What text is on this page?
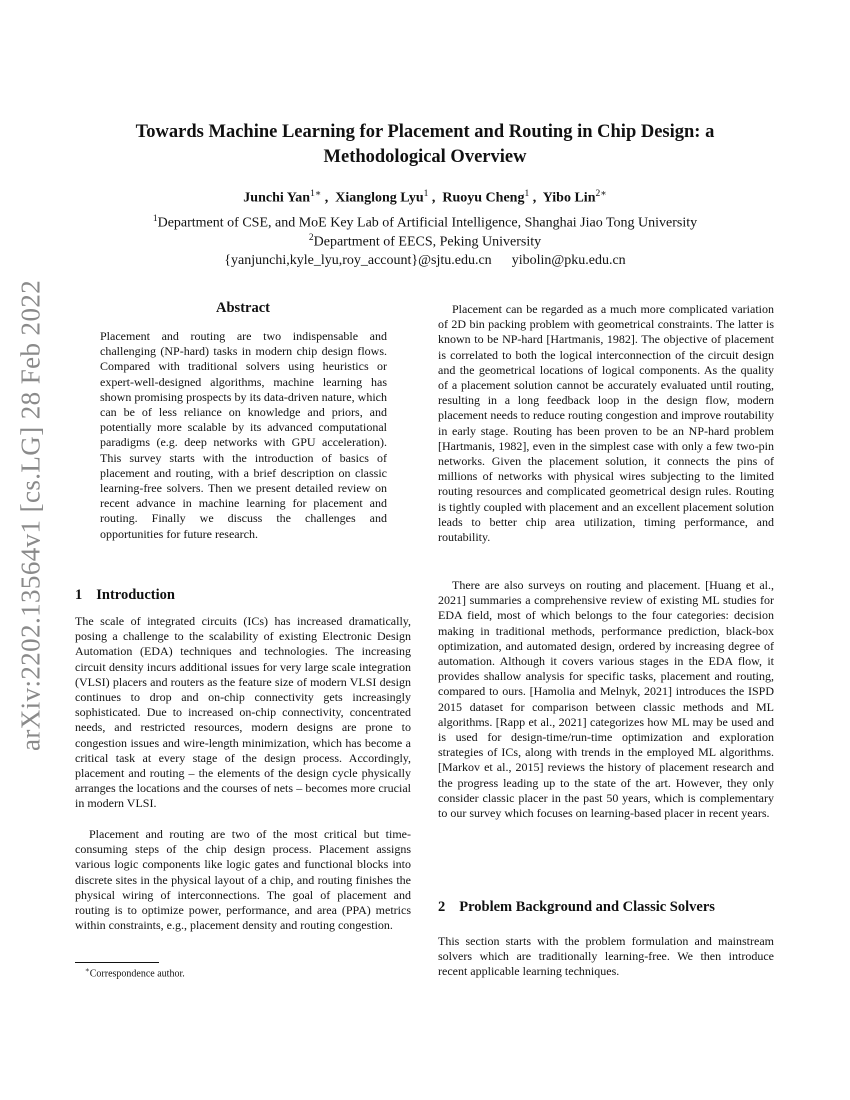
arXiv:2202.13564v1 [cs.LG] 28 Feb 2022
Towards Machine Learning for Placement and Routing in Chip Design: a Methodological Overview
Junchi Yan$^{1∗}$ ,  Xianglong Lyu$^1$ ,  Ruoyu Cheng$^1$ ,  Yibo Lin$^{2∗}$
$^1$Department of CSE, and MoE Key Lab of Artificial Intelligence, Shanghai Jiao Tong University
$^2$Department of EECS, Peking University
{yanjunchi,kyle_lyu,roy_account}@sjtu.edu.cn yibolin@pku.edu.cn
Abstract

Placement and routing are two indispensable and challenging (NP-hard) tasks in modern chip design flows. Compared with traditional solvers using heuristics or expert-well-designed algorithms, machine learning has shown promising prospects by its data-driven nature, which can be of less reliance on knowledge and priors, and potentially more scalable by its advanced computational paradigms (e.g. deep networks with GPU acceleration). This survey starts with the introduction of basics of placement and routing, with a brief description on classic learning-free solvers. Then we present detailed review on recent advance in machine learning for placement and routing. Finally we discuss the challenges and opportunities for future research.

1 Introduction

The scale of integrated circuits (ICs) has increased dramatically, posing a challenge to the scalability of existing Electronic Design Automation (EDA) techniques and technologies. The increasing circuit density incurs additional issues for very large scale integration (VLSI) placers and routers as the feature size of modern VLSI design continues to drop and on-chip connectivity gets increasingly sophisticated. Due to increased on-chip connectivity, concentrated needs, and restricted resources, modern designs are prone to congestion issues and wire-length minimization, which has become a critical task at every stage of the design process. Accordingly, placement and routing – the elements of the design cycle physically arranges the locations and the courses of nets – becomes more crucial in modern VLSI.

Placement and routing are two of the most critical but time-consuming steps of the chip design process. Placement assigns various logic components like logic gates and functional blocks into discrete sites in the physical layout of a chip, and routing finishes the physical wiring of interconnections. The goal of placement and routing is to optimize power, performance, and area (PPA) metrics within constraints, e.g., placement density and routing congestion.

∗Correspondence author.

Placement can be regarded as a much more complicated variation of 2D bin packing problem with geometrical constraints. The latter is known to be NP-hard [Hartmanis, 1982]. The objective of placement is correlated to both the logical interconnection of the circuit design and the geometrical locations of logical components. As the quality of a placement solution cannot be accurately evaluated until routing, resulting in a long feedback loop in the design flow, modern placement needs to reduce routing congestion and improve routability in early stage. Routing has been proven to be an NP-hard problem [Hartmanis, 1982], even in the simplest case with only a few two-pin networks. Given the placement solution, it connects the pins of millions of networks with physical wires subjecting to the limited routing resources and complicated geometrical design rules. Routing is tightly coupled with placement and an excellent placement solution leads to better chip area utilization, timing performance, and routability.

There are also surveys on routing and placement. [Huang et al., 2021] summaries a comprehensive review of existing ML studies for EDA field, most of which belongs to the four categories: decision making in traditional methods, performance prediction, black-box optimization, and automated design, ordered by increasing degree of automation. Although it covers various stages in the EDA flow, it provides shallow analysis for specific tasks, placement and routing, compared to ours. [Hamolia and Melnyk, 2021] introduces the ISPD 2015 dataset for comparison between classic methods and ML algorithms. [Rapp et al., 2021] categorizes how ML may be used and is used for design-time/run-time optimization and exploration strategies of ICs, along with trends in the employed ML algorithms. [Markov et al., 2015] reviews the history of placement research and the progress leading up to the state of the art. However, they only consider classic placer in the past 50 years, which is complementary to our survey which focuses on learning-based placer in recent years.

2 Problem Background and Classic Solvers

This section starts with the problem formulation and mainstream solvers which are traditionally learning-free. We then introduce recent applicable learning techniques.
